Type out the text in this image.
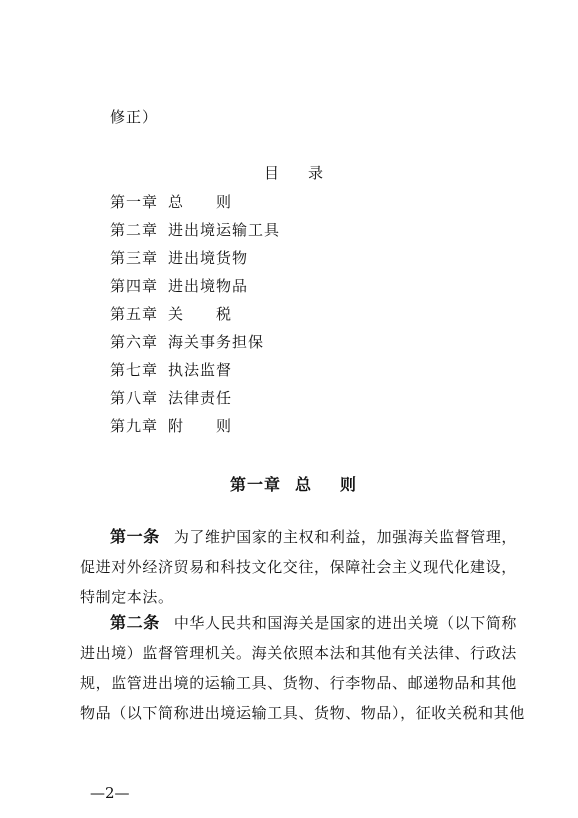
修正）
目 录
第一章 总　　则
第二章 进出境运输工具
第三章 进出境货物
第四章 进出境物品
第五章 关　　税
第六章 海关事务担保
第七章 执法监督
第八章 法律责任
第九章 附　　则
第一章 总 则
第一条 为了维护国家的主权和利益，加强海关监督管理，
促进对外经济贸易和科技文化交往，保障社会主义现代化建设，
特制定本法。
第二条 中华人民共和国海关是国家的进出关境（以下简称
进出境）监督管理机关。海关依照本法和其他有关法律、行政法
规，监管进出境的运输工具、货物、行李物品、邮递物品和其他
物品（以下简称进出境运输工具、货物、物品），征收关税和其他
—2—
